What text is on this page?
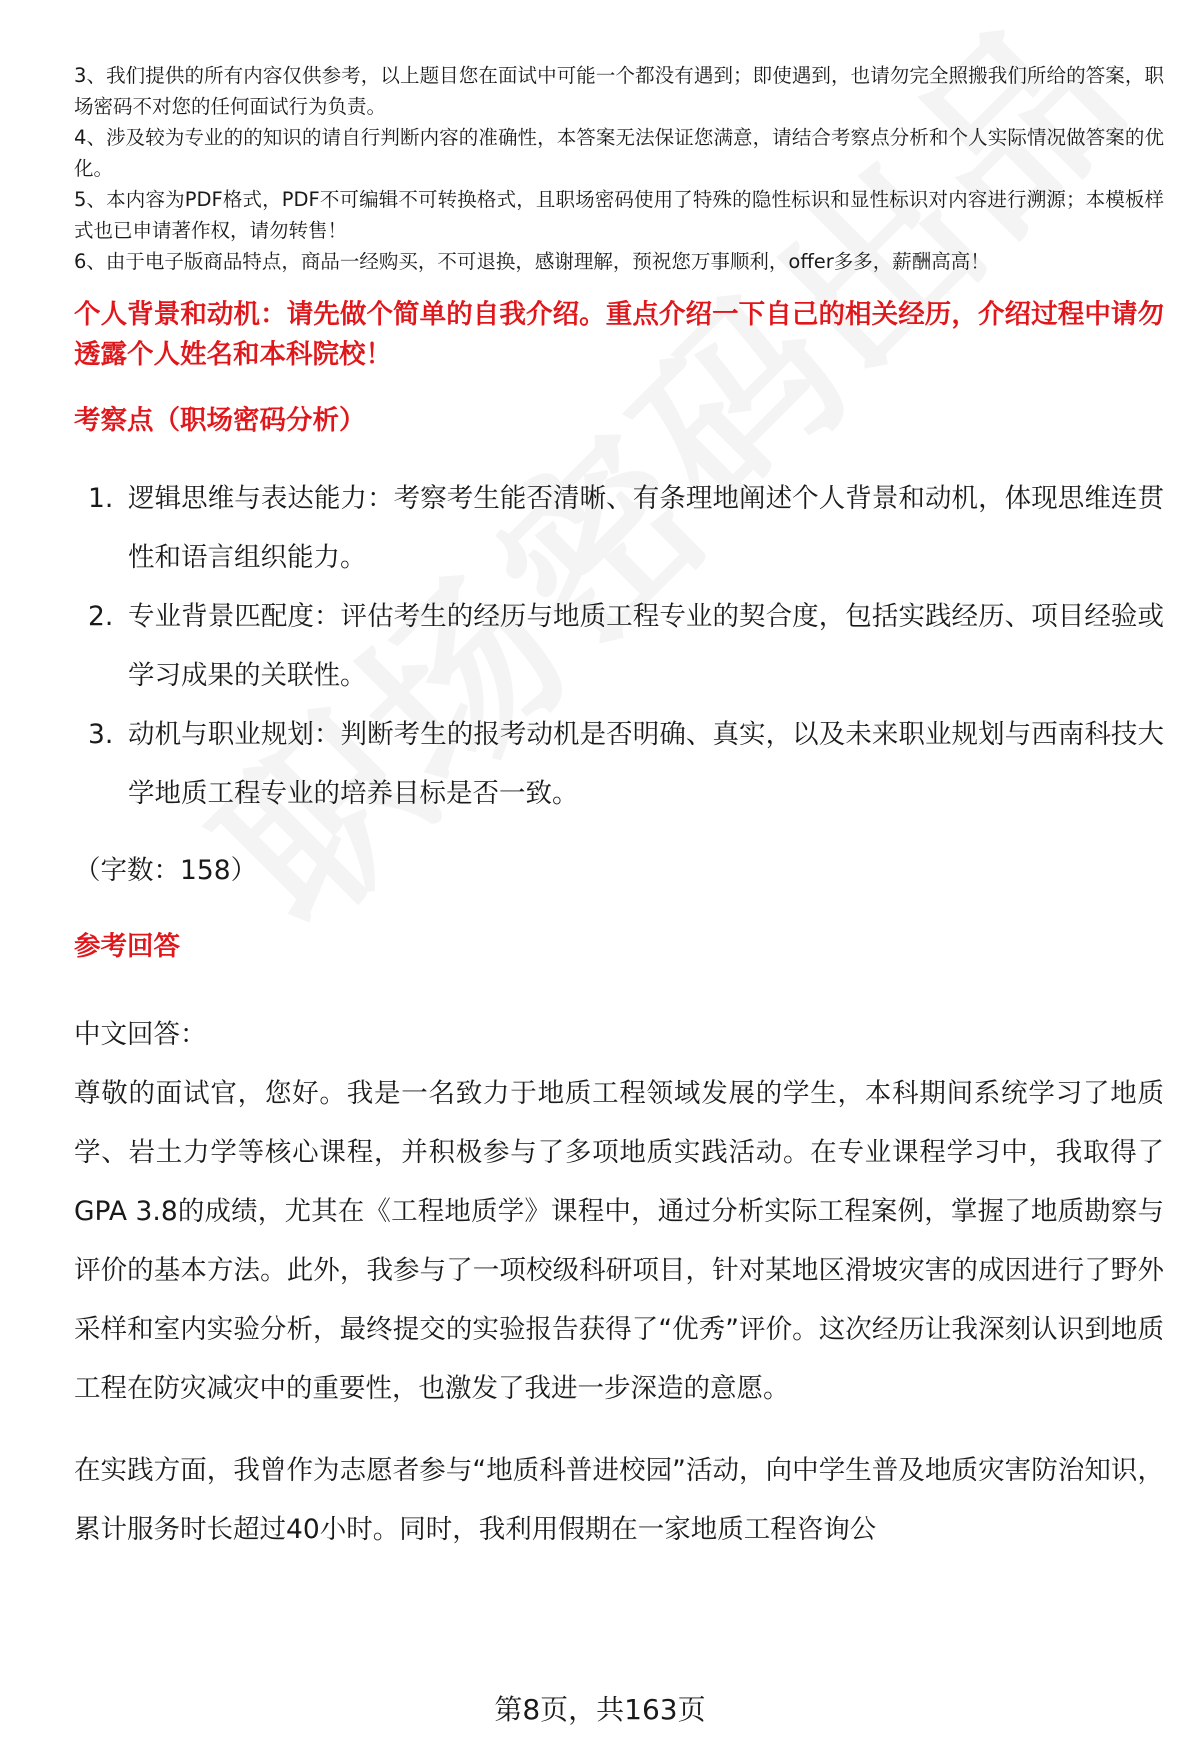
3、我们提供的所有内容仅供参考，以上题目您在面试中可能一个都没有遇到；即使遇到，也请勿完全照搬我们所给的答案，职场密码不对您的任何面试行为负责。

4、涉及较为专业的的知识的请自行判断内容的准确性，本答案无法保证您满意，请结合考察点分析和个人实际情况做答案的优化。

5、本内容为PDF格式，PDF不可编辑不可转换格式，且职场密码使用了特殊的隐性标识和显性标识对内容进行溯源；本模板样式也已申请著作权，请勿转售！

6、由于电子版商品特点，商品一经购买，不可退换，感谢理解，预祝您万事顺利，offer多多，薪酬高高！

个人背景和动机：请先做个简单的自我介绍。重点介绍一下自己的相关经历，介绍过程中请勿透露个人姓名和本科院校！
考察点（职场密码分析）
1. 逻辑思维与表达能力：考察考生能否清晰、有条理地阐述个人背景和动机，体现思维连贯性和语言组织能力。
2. 专业背景匹配度：评估考生的经历与地质工程专业的契合度，包括实践经历、项目经验或学习成果的关联性。
3. 动机与职业规划：判断考生的报考动机是否明确、真实，以及未来职业规划与西南科技大学地质工程专业的培养目标是否一致。
（字数：158）
参考回答

中文回答：

尊敬的面试官，您好。我是一名致力于地质工程领域发展的学生，本科期间系统学习了地质学、岩土力学等核心课程，并积极参与了多项地质实践活动。在专业课程学习中，我取得了GPA 3.8的成绩，尤其在《工程地质学》课程中，通过分析实际工程案例，掌握了地质勘察与评价的基本方法。此外，我参与了一项校级科研项目，针对某地区滑坡灾害的成因进行了野外采样和室内实验分析，最终提交的实验报告获得了“优秀”评价。这次经历让我深刻认识到地质工程在防灾减灾中的重要性，也激发了我进一步深造的意愿。

在实践方面，我曾作为志愿者参与“地质科普进校园”活动，向中学生普及地质灾害防治知识，累计服务时长超过40小时。同时，我利用假期在一家地质工程咨询公

第8页，共163页
